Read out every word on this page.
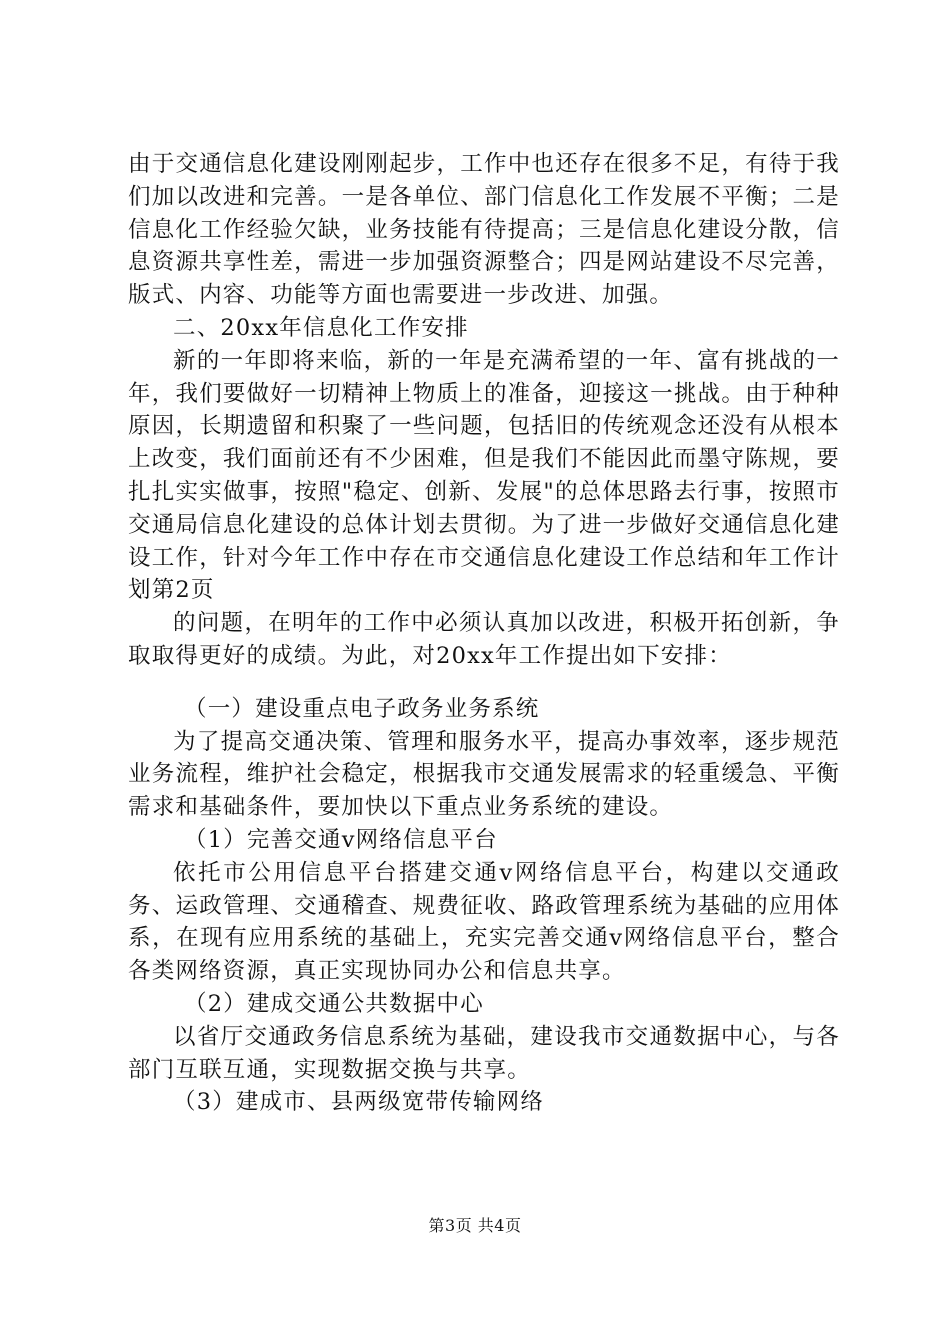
由于交通信息化建设刚刚起步，工作中也还存在很多不足，有待于我们加以改进和完善。一是各单位、部门信息化工作发展不平衡；二是信息化工作经验欠缺，业务技能有待提高；三是信息化建设分散，信息资源共享性差，需进一步加强资源整合；四是网站建设不尽完善，版式、内容、功能等方面也需要进一步改进、加强。

二、20xx年信息化工作安排

新的一年即将来临，新的一年是充满希望的一年、富有挑战的一年，我们要做好一切精神上物质上的准备，迎接这一挑战。由于种种原因，长期遗留和积聚了一些问题，包括旧的传统观念还没有从根本上改变，我们面前还有不少困难，但是我们不能因此而墨守陈规，要扎扎实实做事，按照"稳定、创新、发展"的总体思路去行事，按照市交通局信息化建设的总体计划去贯彻。为了进一步做好交通信息化建设工作，针对今年工作中存在市交通信息化建设工作总结和年工作计划第2页

的问题，在明年的工作中必须认真加以改进，积极开拓创新，争取取得更好的成绩。为此，对20xx年工作提出如下安排：

（一）建设重点电子政务业务系统

为了提高交通决策、管理和服务水平，提高办事效率，逐步规范业务流程，维护社会稳定，根据我市交通发展需求的轻重缓急、平衡需求和基础条件，要加快以下重点业务系统的建设。

（1）完善交通v网络信息平台

依托市公用信息平台搭建交通v网络信息平台，构建以交通政务、运政管理、交通稽查、规费征收、路政管理系统为基础的应用体系，在现有应用系统的基础上，充实完善交通v网络信息平台，整合各类网络资源，真正实现协同办公和信息共享。

（2）建成交通公共数据中心

以省厅交通政务信息系统为基础，建设我市交通数据中心，与各部门互联互通，实现数据交换与共享。

（3）建成市、县两级宽带传输网络

第3页 共4页
